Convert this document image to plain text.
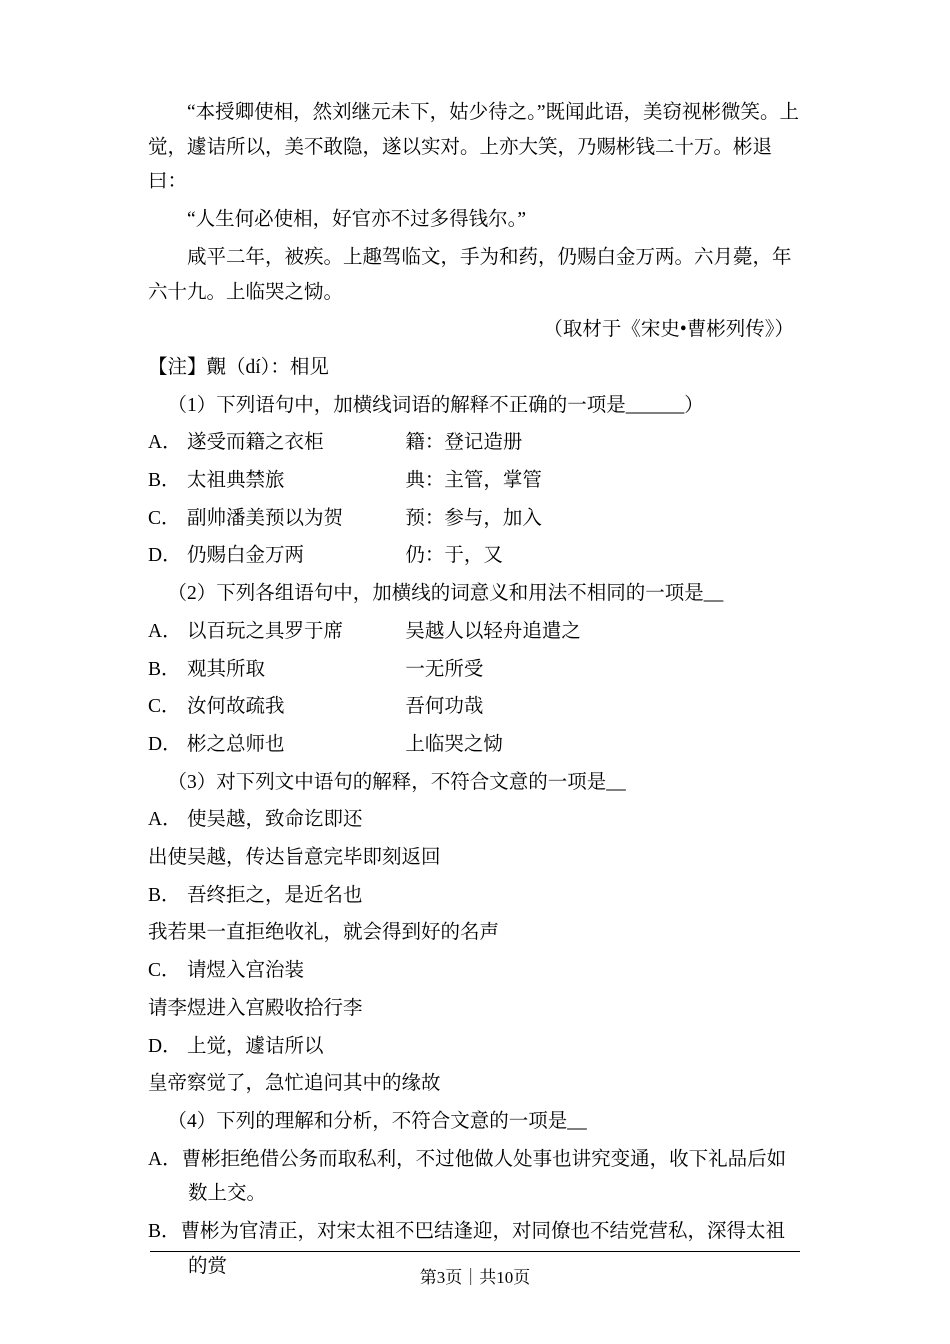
“本授卿使相，然刘继元未下，姑少待之。”既闻此语，美窃视彬微笑。上觉，遽诘所以，美不敢隐，遂以实对。上亦大笑，乃赐彬钱二十万。彬退曰：

“人生何必使相，好官亦不过多得钱尔。”

咸平二年，被疾。上趣驾临文，手为和药，仍赐白金万两。六月薨，年六十九。上临哭之恸。

（取材于《宋史•曹彬列传》）

【注】覿（dí）：相见

（1）下列语句中，加横线词语的解释不正确的一项是______）

A． 遂受而籍之衣柜	籍：登记造册
B． 太祖典禁旅	典：主管，掌管
C． 副帅潘美预以为贺	预：参与，加入
D． 仍赐白金万两	仍：于，又

（2）下列各组语句中，加横线的词意义和用法不相同的一项是__

A． 以百玩之具罗于席	吴越人以轻舟追遣之
B． 观其所取	一无所受
C． 汝何故疏我	吾何功哉
D． 彬之总师也	上临哭之恸

（3）对下列文中语句的解释，不符合文意的一项是__

A． 使吴越，致命讫即还

出使吴越，传达旨意完毕即刻返回

B． 吾终拒之，是近名也

我若果一直拒绝收礼，就会得到好的名声

C． 请煜入宫治装

请李煜进入宫殿收拾行李

D． 上觉，遽诘所以

皇帝察觉了，急忙追问其中的缘故

（4）下列的理解和分析，不符合文意的一项是__

A．曹彬拒绝借公务而取私利，不过他做人处事也讲究变通，收下礼品后如数上交。

B．曹彬为官清正，对宋太祖不巴结逢迎，对同僚也不结党营私，深得太祖的赏

第3页｜共10页
